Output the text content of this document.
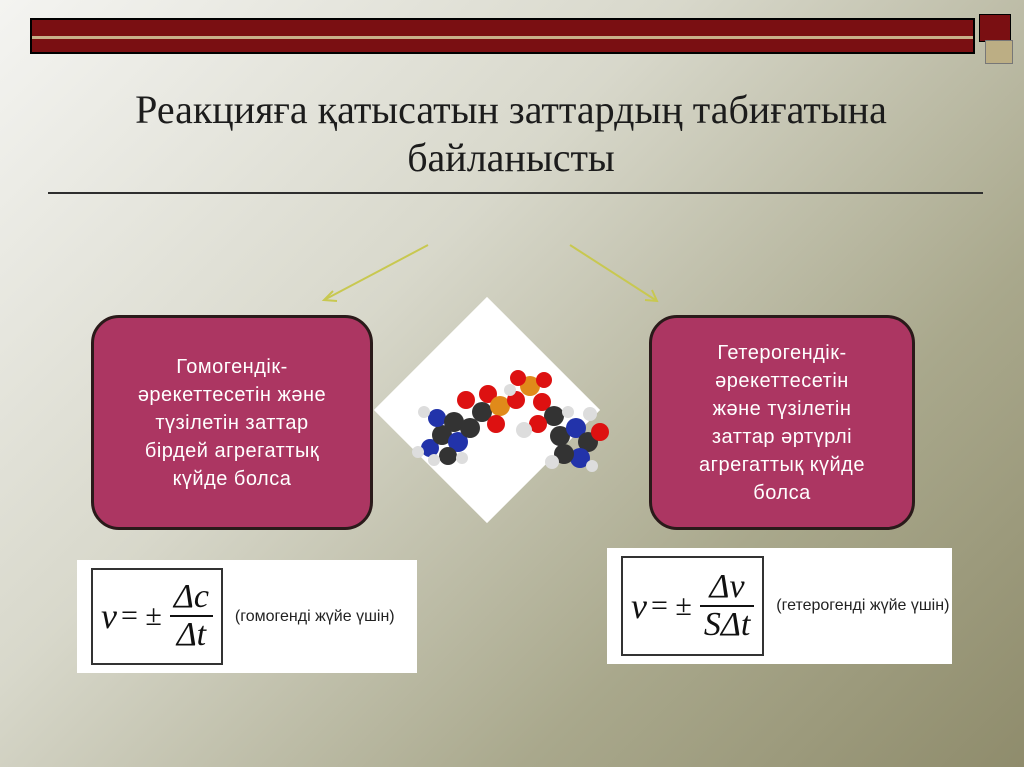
Реакцияға қатысатын заттардың табиғатына
байланысты
Гомогендік-
әрекеттесетін және
түзілетін заттар
бірдей агрегаттық
күйде болса
Гетерогендік-
әрекеттесетін
және түзілетін
заттар әртүрлі
агрегаттық күйде
болса
v = ± $\frac{\Delta c}{\Delta t}$ (гомогенді жүйе үшін)	v = ± $\frac{\Delta\nu}{\text{SΔt}}$ (гетерогенді жүйе үшін)
